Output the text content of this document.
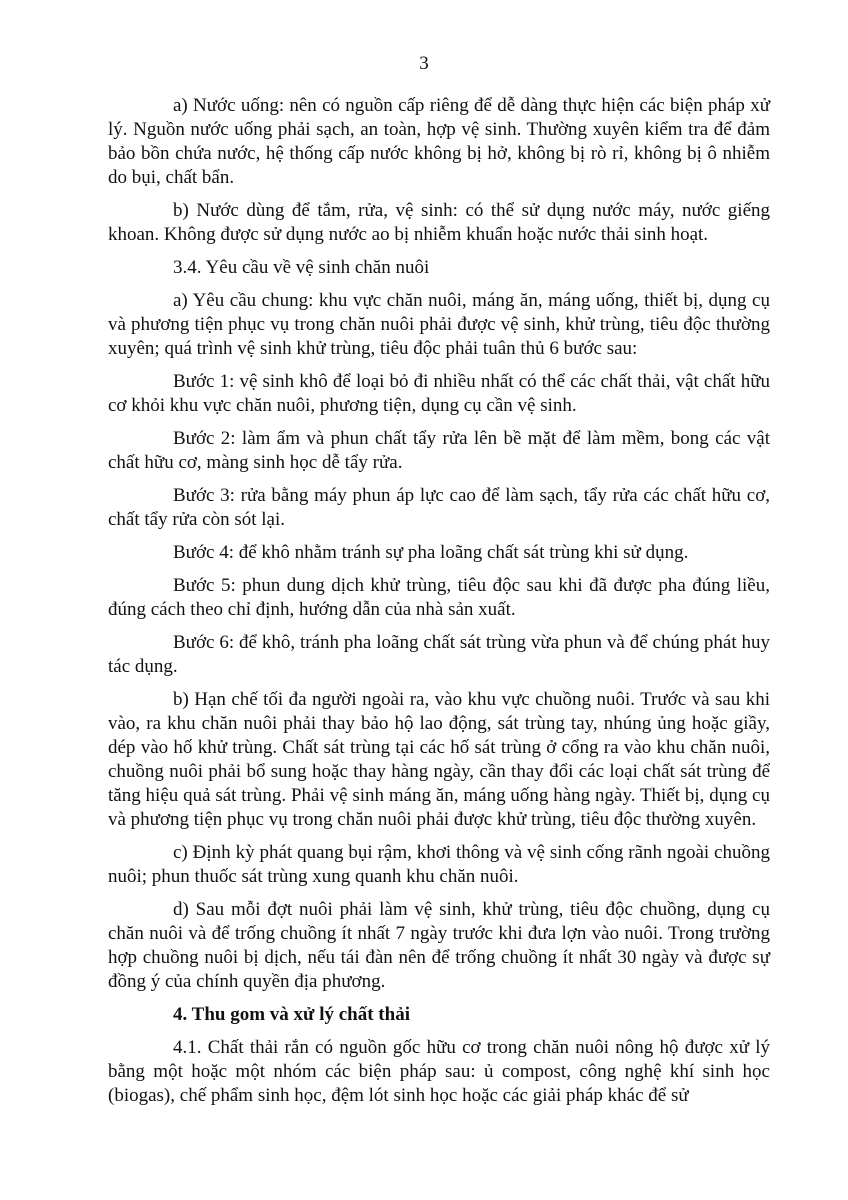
3

a) Nước uống: nên có nguồn cấp riêng để dễ dàng thực hiện các biện pháp xử lý. Nguồn nước uống phải sạch, an toàn, hợp vệ sinh. Thường xuyên kiểm tra để đảm bảo bồn chứa nước, hệ thống cấp nước không bị hở, không bị rò rỉ, không bị ô nhiễm do bụi, chất bẩn.

b) Nước dùng để tắm, rửa, vệ sinh: có thể sử dụng nước máy, nước giếng khoan. Không được sử dụng nước ao bị nhiễm khuẩn hoặc nước thải sinh hoạt.

3.4. Yêu cầu về vệ sinh chăn nuôi

a) Yêu cầu chung: khu vực chăn nuôi, máng ăn, máng uống, thiết bị, dụng cụ và phương tiện phục vụ trong chăn nuôi phải được vệ sinh, khử trùng, tiêu độc thường xuyên; quá trình vệ sinh khử trùng, tiêu độc phải tuân thủ 6 bước sau:

Bước 1: vệ sinh khô để loại bỏ đi nhiều nhất có thể các chất thải, vật chất hữu cơ khỏi khu vực chăn nuôi, phương tiện, dụng cụ cần vệ sinh.

Bước 2: làm ẩm và phun chất tẩy rửa lên bề mặt để làm mềm, bong các vật chất hữu cơ, màng sinh học dễ tẩy rửa.

Bước 3: rửa bằng máy phun áp lực cao để làm sạch, tẩy rửa các chất hữu cơ, chất tẩy rửa còn sót lại.

Bước 4: để khô nhằm tránh sự pha loãng chất sát trùng khi sử dụng.

Bước 5: phun dung dịch khử trùng, tiêu độc sau khi đã được pha đúng liều, đúng cách theo chỉ định, hướng dẫn của nhà sản xuất.

Bước 6: để khô, tránh pha loãng chất sát trùng vừa phun và để chúng phát huy tác dụng.

b) Hạn chế tối đa người ngoài ra, vào khu vực chuồng nuôi. Trước và sau khi vào, ra khu chăn nuôi phải thay bảo hộ lao động, sát trùng tay, nhúng ủng hoặc giầy, dép vào hố khử trùng. Chất sát trùng tại các hố sát trùng ở cổng ra vào khu chăn nuôi, chuồng nuôi phải bổ sung hoặc thay hàng ngày, cần thay đổi các loại chất sát trùng để tăng hiệu quả sát trùng. Phải vệ sinh máng ăn, máng uống hàng ngày. Thiết bị, dụng cụ và phương tiện phục vụ trong chăn nuôi phải được khử trùng, tiêu độc thường xuyên.

c) Định kỳ phát quang bụi rậm, khơi thông và vệ sinh cống rãnh ngoài chuồng nuôi; phun thuốc sát trùng xung quanh khu chăn nuôi.

d) Sau mỗi đợt nuôi phải làm vệ sinh, khử trùng, tiêu độc chuồng, dụng cụ chăn nuôi và để trống chuồng ít nhất 7 ngày trước khi đưa lợn vào nuôi. Trong trường hợp chuồng nuôi bị dịch, nếu tái đàn nên để trống chuồng ít nhất 30 ngày và được sự đồng ý của chính quyền địa phương.

4. Thu gom và xử lý chất thải

4.1. Chất thải rắn có nguồn gốc hữu cơ trong chăn nuôi nông hộ được xử lý bằng một hoặc một nhóm các biện pháp sau: ủ compost, công nghệ khí sinh học (biogas), chế phẩm sinh học, đệm lót sinh học hoặc các giải pháp khác để sử
